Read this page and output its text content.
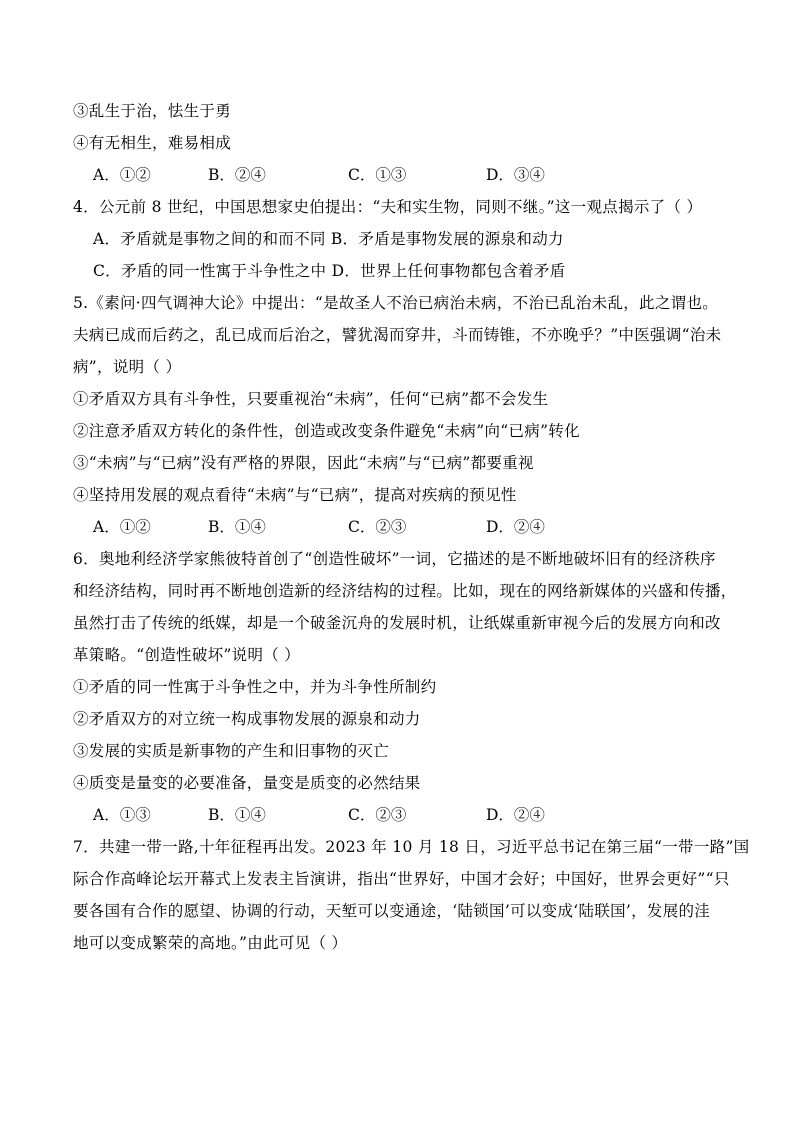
③乱生于治，怯生于勇
④有无相生，难易相成
A．①②	B．②④	C．①③	D．③④
4．公元前 8 世纪，中国思想家史伯提出：“夫和实生物，同则不继。”这一观点揭示了（ ）
A．矛盾就是事物之间的和而不同 B．矛盾是事物发展的源泉和动力
C．矛盾的同一性寓于斗争性之中 D．世界上任何事物都包含着矛盾
5.《素问·四气调神大论》中提出：“是故圣人不治已病治未病，不治已乱治未乱，此之谓也。
夫病已成而后药之，乱已成而后治之，譬犹渴而穿井，斗而铸锥，不亦晚乎？”中医强调“治未
病”，说明（ ）
①矛盾双方具有斗争性，只要重视治“未病”，任何“已病”都不会发生
②注意矛盾双方转化的条件性，创造或改变条件避免“未病”向“已病”转化
③“未病”与“已病”没有严格的界限，因此“未病”与“已病”都要重视
④坚持用发展的观点看待“未病”与“已病”，提高对疾病的预见性
A．①②	B．①④	C．②③	D．②④
6．奥地利经济学家熊彼特首创了“创造性破坏”一词，它描述的是不断地破坏旧有的经济秩序
和经济结构，同时再不断地创造新的经济结构的过程。比如，现在的网络新媒体的兴盛和传播，
虽然打击了传统的纸媒，却是一个破釜沉舟的发展时机，让纸媒重新审视今后的发展方向和改
革策略。“创造性破坏”说明（ ）
①矛盾的同一性寓于斗争性之中，并为斗争性所制约
②矛盾双方的对立统一构成事物发展的源泉和动力
③发展的实质是新事物的产生和旧事物的灭亡
④质变是量变的必要准备，量变是质变的必然结果
A．①③	B．①④	C．②③	D．②④
7．共建一带一路,十年征程再出发。2023 年 10 月 18 日，习近平总书记在第三届“一带一路”国
际合作高峰论坛开幕式上发表主旨演讲，指出“世界好，中国才会好；中国好，世界会更好”“只
要各国有合作的愿望、协调的行动，天堑可以变通途，‘陆锁国’可以变成‘陆联国’，发展的洼
地可以变成繁荣的高地。”由此可见（ ）
